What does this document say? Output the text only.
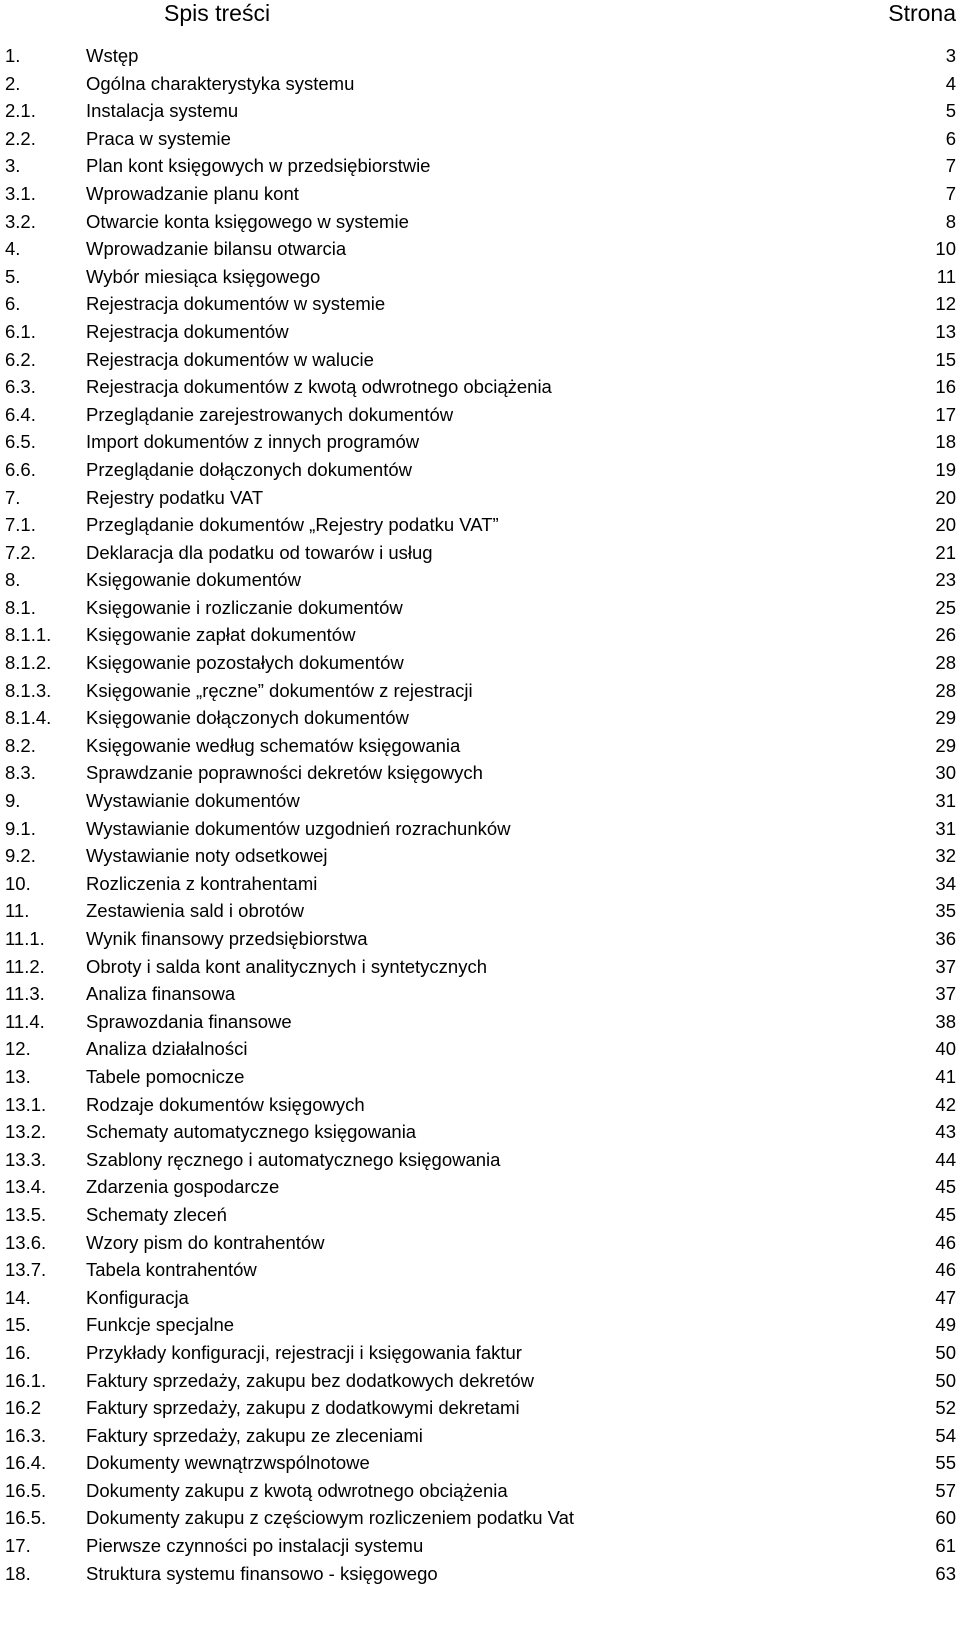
Spis treści	Strona
1.	Wstęp	3
2.	Ogólna charakterystyka systemu	4
2.1.	Instalacja systemu	5
2.2.	Praca w systemie	6
3.	Plan kont księgowych w przedsiębiorstwie	7
3.1.	Wprowadzanie planu kont	7
3.2.	Otwarcie konta księgowego w systemie	8
4.	Wprowadzanie bilansu otwarcia	10
5.	Wybór miesiąca księgowego	11
6.	Rejestracja dokumentów w systemie	12
6.1.	Rejestracja dokumentów	13
6.2.	Rejestracja dokumentów w walucie	15
6.3.	Rejestracja dokumentów z kwotą odwrotnego obciążenia	16
6.4.	Przeglądanie zarejestrowanych dokumentów	17
6.5.	Import dokumentów z innych programów	18
6.6.	Przeglądanie dołączonych dokumentów	19
7.	Rejestry podatku VAT	20
7.1.	Przeglądanie dokumentów „Rejestry podatku VAT”	20
7.2.	Deklaracja dla podatku od towarów i usług	21
8.	Księgowanie dokumentów	23
8.1.	Księgowanie i rozliczanie dokumentów	25
8.1.1. Księgowanie zapłat dokumentów	26
8.1.2. Księgowanie pozostałych dokumentów	28
8.1.3. Księgowanie „ręczne” dokumentów z rejestracji	28
8.1.4. Księgowanie dołączonych dokumentów	29
8.2.	Księgowanie według schematów księgowania	29
8.3.	Sprawdzanie poprawności dekretów księgowych	30
9.	Wystawianie dokumentów	31
9.1.	Wystawianie dokumentów uzgodnień rozrachunków	31
9.2.	Wystawianie noty odsetkowej	32
10.	Rozliczenia z kontrahentami	34
11.	Zestawienia sald i obrotów	35
11.1. Wynik finansowy przedsiębiorstwa	36
11.2. Obroty i salda kont analitycznych i syntetycznych	37
11.3. Analiza finansowa	37
11.4. Sprawozdania finansowe	38
12.	Analiza działalności	40
13.	Tabele pomocnicze	41
13.1. Rodzaje dokumentów księgowych	42
13.2. Schematy automatycznego księgowania	43
13.3. Szablony ręcznego i automatycznego księgowania	44
13.4. Zdarzenia gospodarcze	45
13.5. Schematy zleceń	45
13.6. Wzory pism do kontrahentów	46
13.7. Tabela kontrahentów	46
14.	Konfiguracja	47
15.	Funkcje specjalne	49
16.	Przykłady konfiguracji, rejestracji i księgowania faktur	50
16.1. Faktury sprzedaży, zakupu bez dodatkowych dekretów	50
16.2 Faktury sprzedaży, zakupu z dodatkowymi dekretami	52
16.3. Faktury sprzedaży, zakupu ze zleceniami	54
16.4. Dokumenty wewnątrzwspólnotowe	55
16.5. Dokumenty zakupu z kwotą odwrotnego obciążenia	57
16.5. Dokumenty zakupu z częściowym rozliczeniem podatku Vat	60
17.	Pierwsze czynności po instalacji systemu	61
18.	Struktura systemu finansowo - księgowego	63
